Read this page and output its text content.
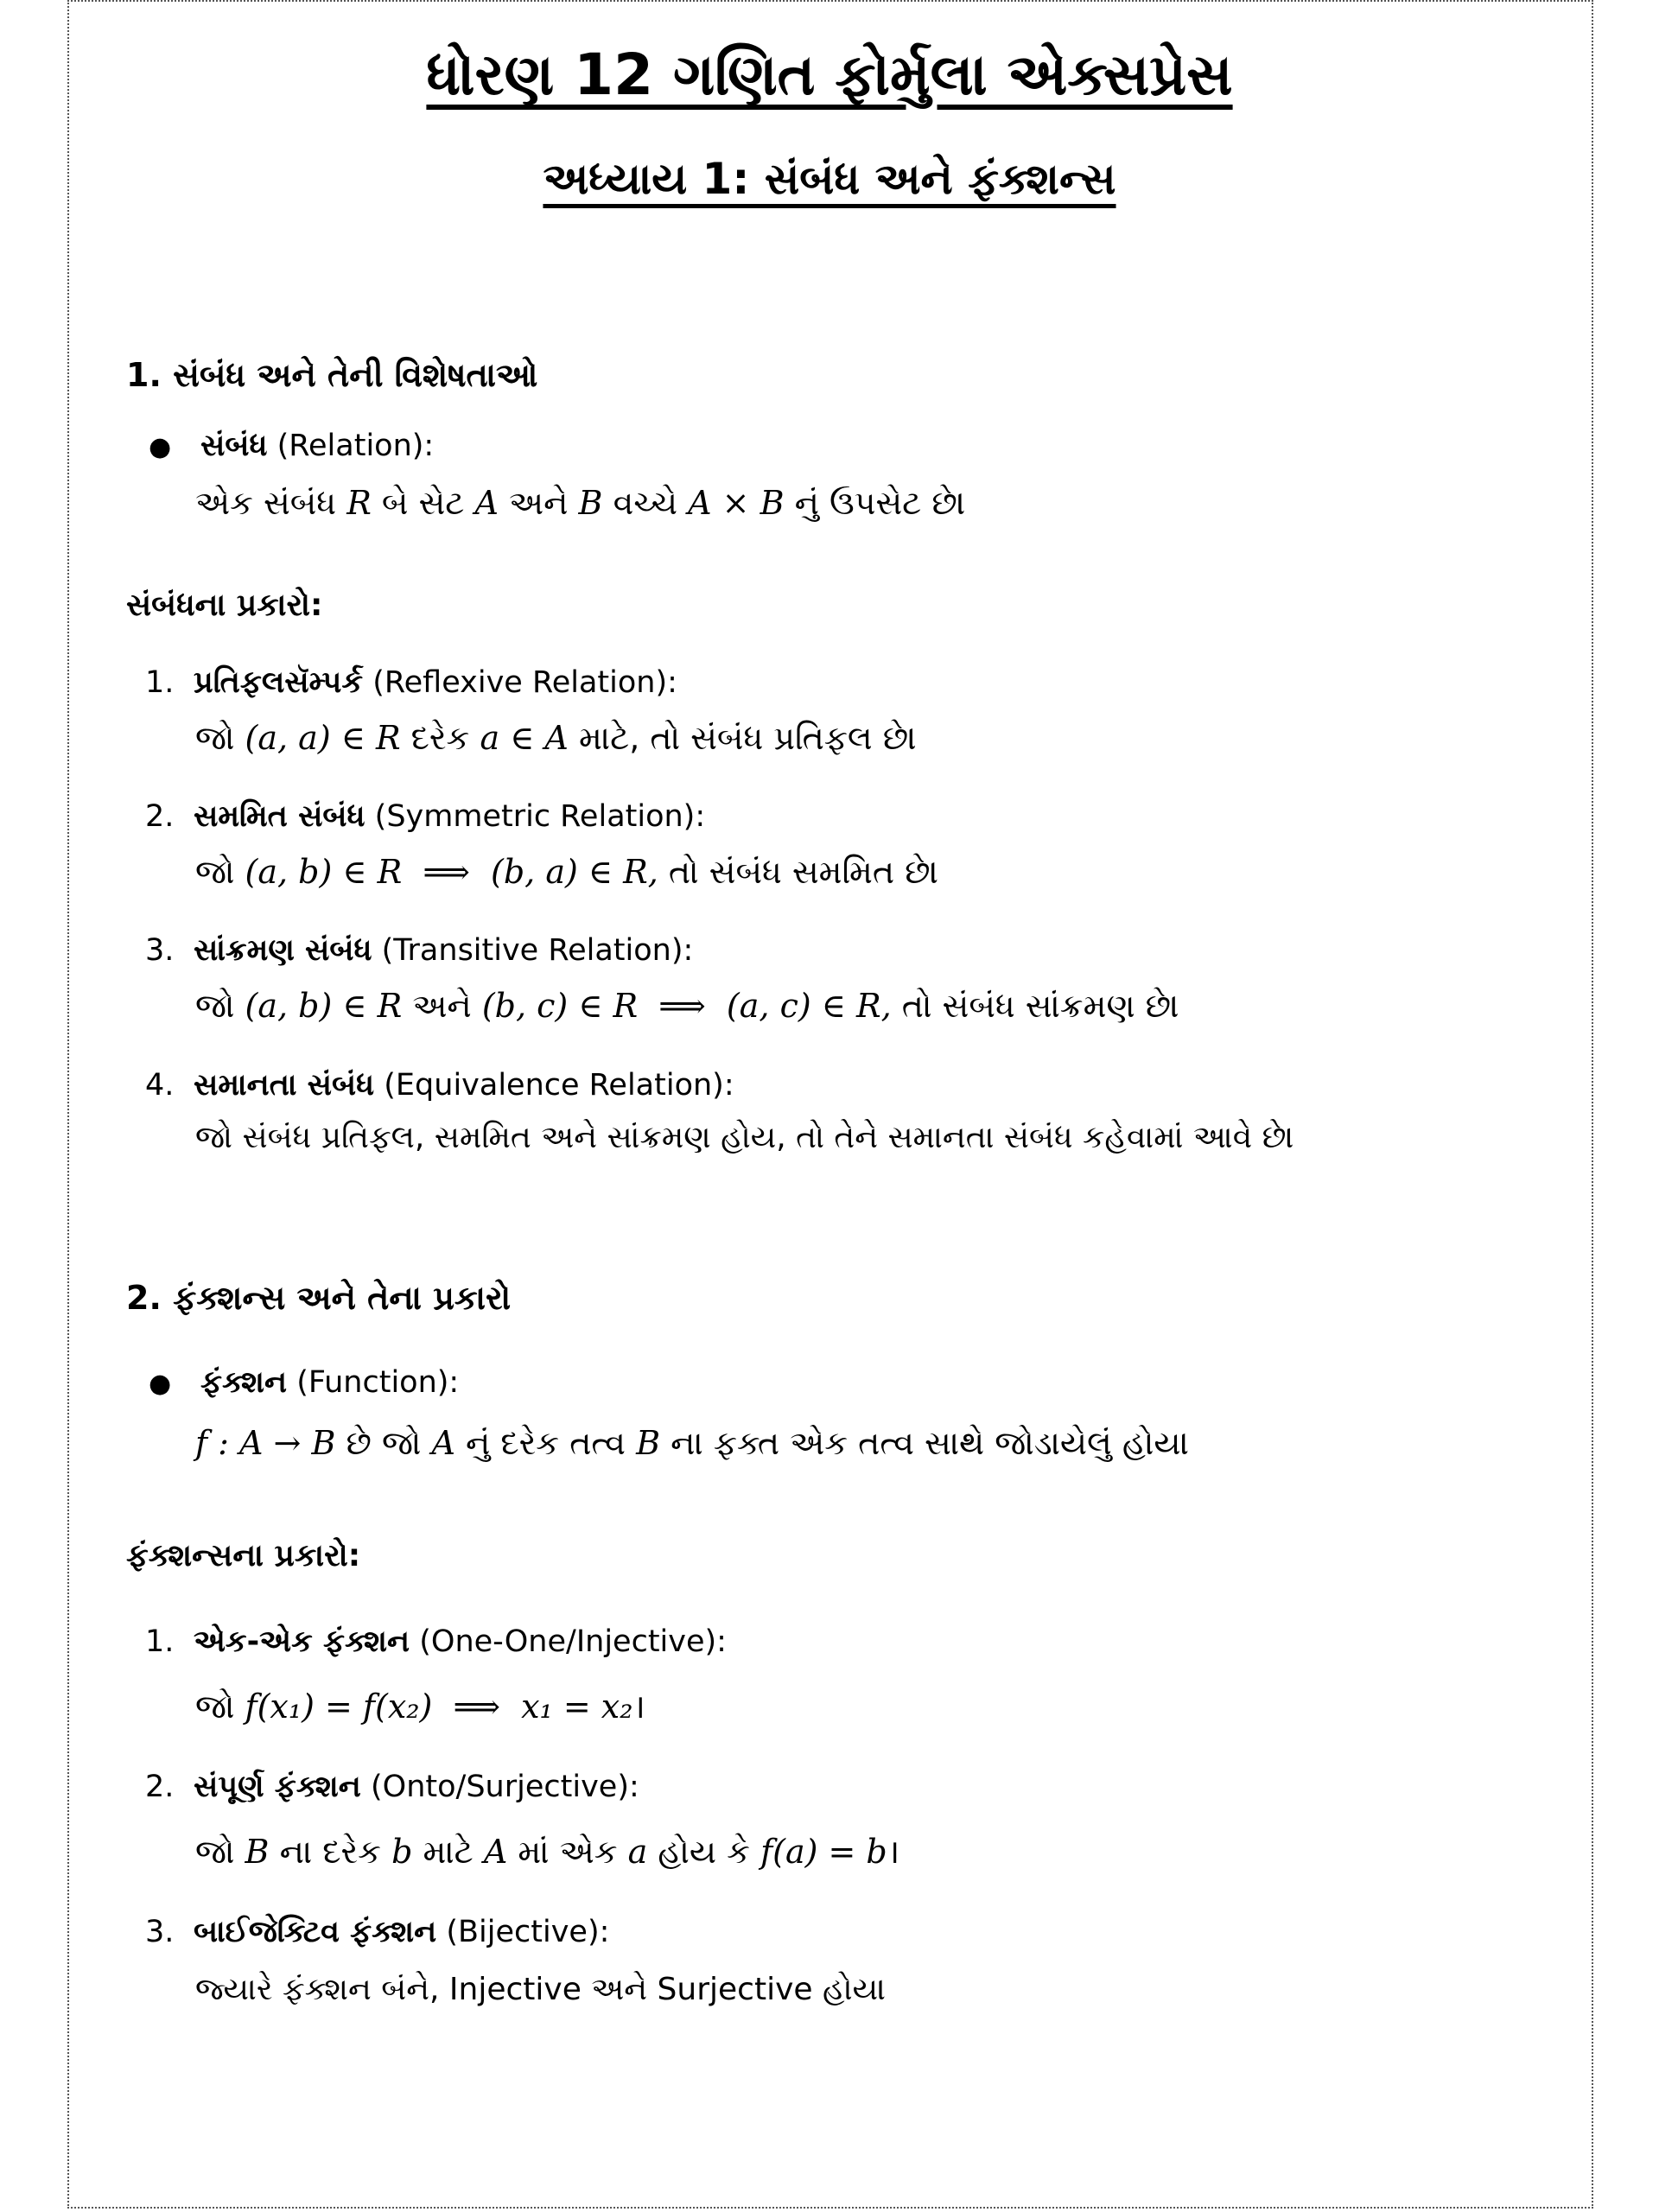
ધોરણ 12 ગણિત ફોર્મુલા એક્સપ્રેસ
અધ્યાય 1: સંબંધ અને ફંક્શન્સ
1. સંબંધ અને તેની વિશેષતાઓ
● સંબંધ (Relation):
એક સંબંધ R બે સેટ A અને B વચ્ચે A × B નું ઉપસેટ છે।
સંબંધના પ્રકારો:
1. પ્રતિફલસૅમ્પર્ક (Reflexive Relation):
જો (a, a) ∈ R દરેક a ∈ A માટે, તો સંબંધ પ્રતિફલ છે।
2. સમમિત સંબંધ (Symmetric Relation):
જો (a, b) ∈ R  ⟹  (b, a) ∈ R, તો સંબંધ સમમિત છે।
3. સાંક્રમણ સંબંધ (Transitive Relation):
જો (a, b) ∈ R અને (b, c) ∈ R  ⟹  (a, c) ∈ R, તો સંબંધ સાંક્રમણ છે।
4. સમાનતા સંબંધ (Equivalence Relation):
જો સંબંધ પ્રતિફલ, સમમિત અને સાંક્રમણ હોય, તો તેને સમાનતા સંબંધ કહેવામાં આવે છે।
2. ફંક્શન્સ અને તેના પ્રકારો
● ફંક્શન (Function):
f : A → B છે જો A નું દરેક તત્વ B ના ફક્ત એક તત્વ સાથે જોડાયેલું હોય।
ફંક્શન્સના પ્રકારો:
1. એક-એક ફંક્શન (One-One/Injective):
જો f(x₁) = f(x₂)  ⟹  x₁ = x₂।
2. સંપૂર્ણ ફંક્શન (Onto/Surjective):
જો B ના દરેક b માટે A માં એક a હોય કે f(a) = b।
3. બાઈજેક્ટિવ ફંક્શન (Bijective):
જ્યારે ફંક્શન બંને, Injective અને Surjective હોય।
